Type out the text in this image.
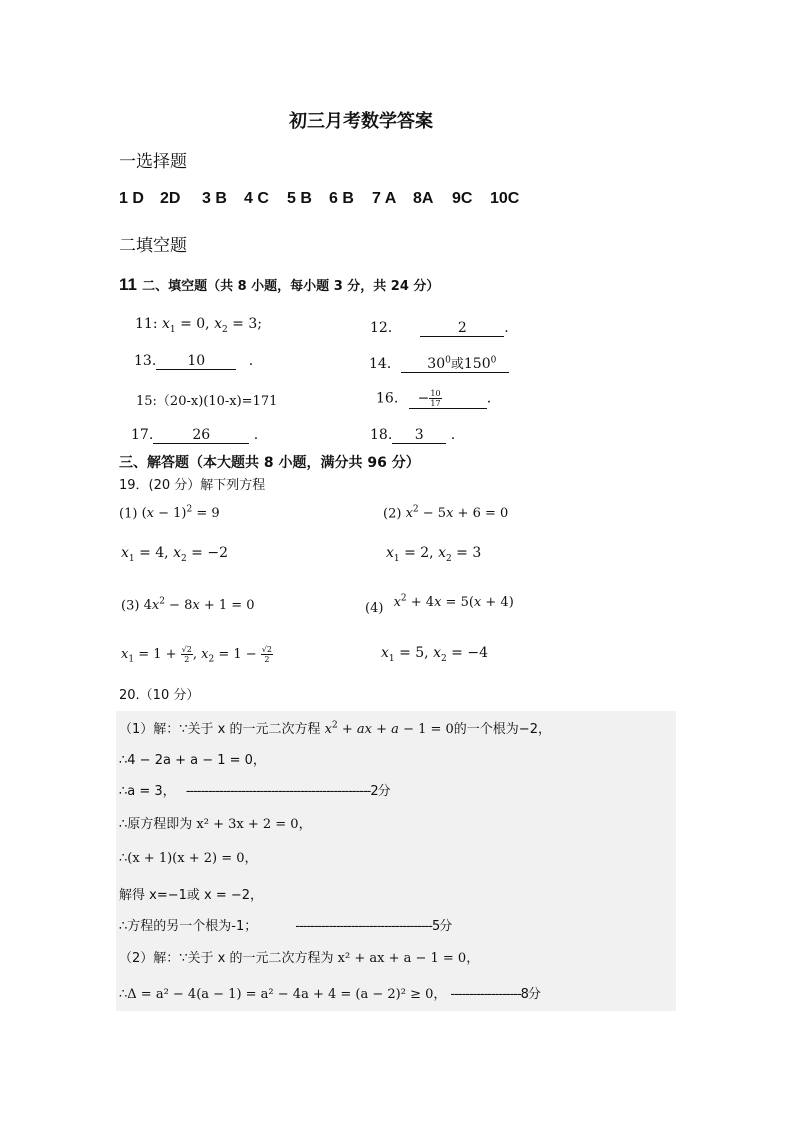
初三月考数学答案
一选择题
1 D 2D 3 B 4 C 5 B 6 B 7 A 8A 9C 10C
二填空题
11 二、填空题（共 8 小题，每小题 3 分，共 24 分）
11: $x_1 = 0$, $x_2 = 3$;	12．	2	.
13. 10	.	14．   $30^0$或$150^0$
15:（20-x)(10-x)=171	16. − $\frac{10}{17}$	.
17.	26	.	18. 3 .
三、解答题（本大题共 8 小题，满分共 96 分）
19．(20 分）解下列方程
(1) $(x - 1)^2 = 9$	(2) $x^2 - 5x + 6 = 0$
$x_1 = 4$, $x_2 = -2$	$x_1 = 2$, $x_2 = 3$
(3) $4x^2 - 8x + 1 = 0$	(4) $x^2 + 4x = 5(x + 4)$
$x_1 = 1 + \frac{√2}{2}$ , $x_2 = 1 - \frac{√2}{2}$	$x_1 = 5$, $x_2 = -4$
20.（10 分）
（1）解：∵关于 x 的一元二次方程 $x^2$ + ax + a − 1 = 0的一个根为−2，
∴4 − 2a + a − 1 = 0，
∴a = 3， --------------------------------------------------2分
∴原方程即为 x² + 3x + 2 = 0，
∴(x + 1)(x + 2) = 0，
解得 x=−1或 x = −2，
∴方程的另一个根为-1；	-------------------------------------5分
（2）解：∵关于 x 的一元二次方程为 x² + ax + a − 1 = 0，
∴Δ = a² − 4(a − 1) = a² − 4a + 4 = (a − 2)² ≥ 0， -------------------8分
